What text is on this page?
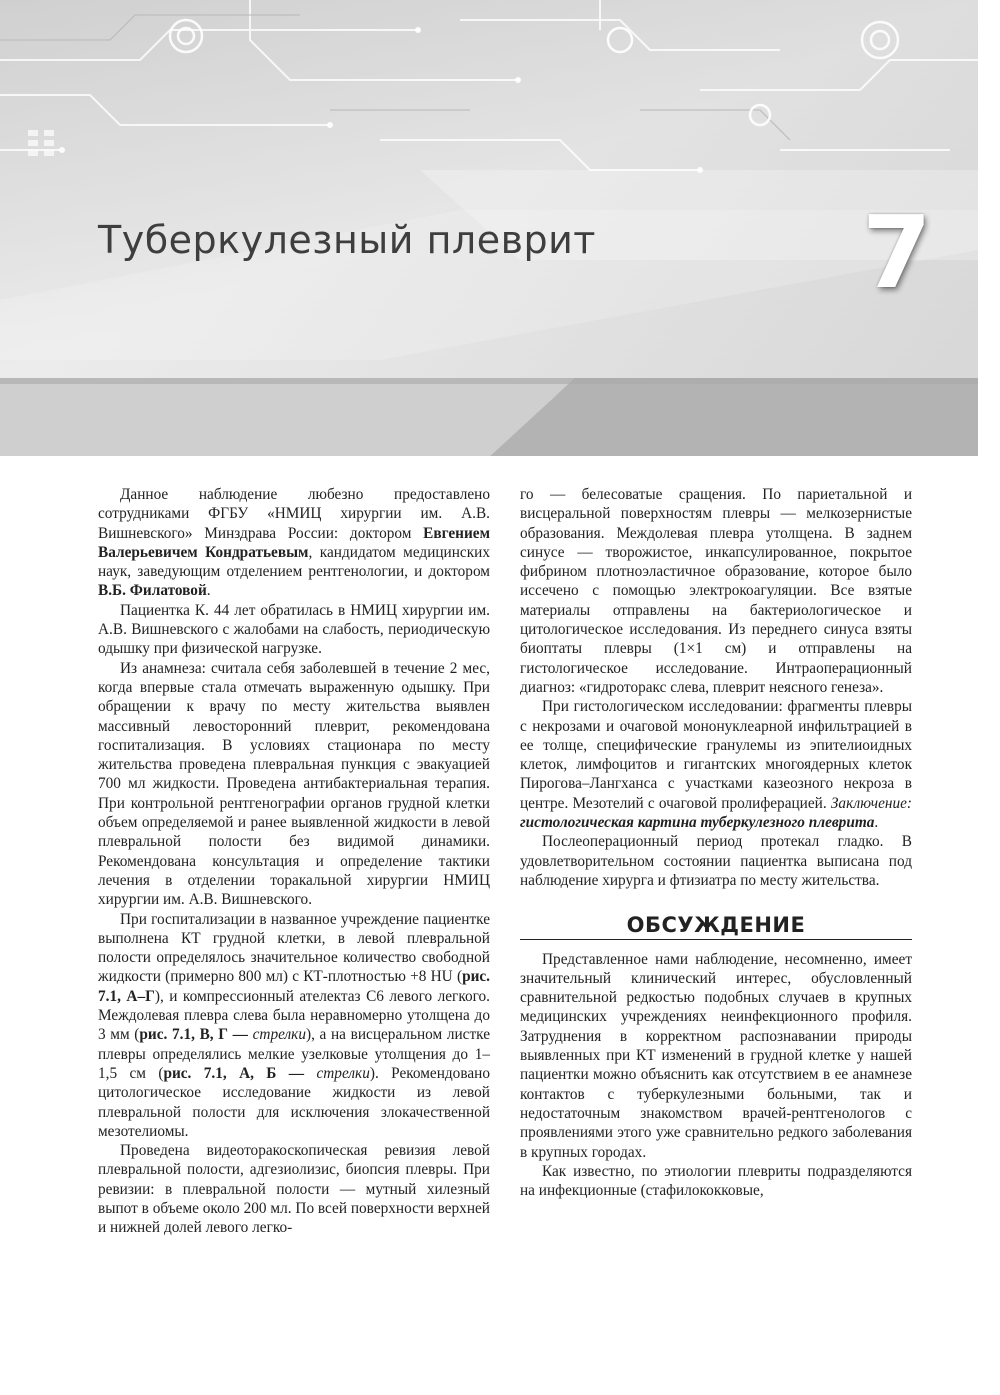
Туберкулезный плеврит	7

Данное наблюдение любезно предоставлено сотрудниками ФГБУ «НМИЦ хирургии им. А.В. Вишневского» Минздрава России: доктором Евгением Валерьевичем Кондратьевым, кандидатом медицинских наук, заведующим отделением рентгенологии, и доктором В.Б. Филатовой.

Пациентка К. 44 лет обратилась в НМИЦ хирургии им. А.В. Вишневского с жалобами на слабость, периодическую одышку при физической нагрузке.

Из анамнеза: считала себя заболевшей в течение 2 мес, когда впервые стала отмечать выраженную одышку. При обращении к врачу по месту жительства выявлен массивный левосторонний плеврит, рекомендована госпитализация. В условиях стационара по месту жительства проведена плевральная пункция с эвакуацией 700 мл жидкости. Проведена антибактериальная терапия. При контрольной рентгенографии органов грудной клетки объем определяемой и ранее выявленной жидкости в левой плевральной полости без видимой динамики. Рекомендована консультация и определение тактики лечения в отделении торакальной хирургии НМИЦ хирургии им. А.В. Вишневского.

При госпитализации в названное учреждение пациентке выполнена КТ грудной клетки, в левой плевральной полости определялось значительное количество свободной жидкости (примерно 800 мл) с КТ-плотностью +8 HU (рис. 7.1, А–Г), и компрессионный ателектаз С6 левого легкого. Междолевая плевра слева была неравномерно утолщена до 3 мм (рис. 7.1, В, Г — стрелки), а на висцеральном листке плевры определялись мелкие узелковые утолщения до 1–1,5 см (рис. 7.1, А, Б — стрелки). Рекомендовано цитологическое исследование жидкости из левой плевральной полости для исключения злокачественной мезотелиомы.

Проведена видеоторакоскопическая ревизия левой плевральной полости, адгезиолизис, биопсия плевры. При ревизии: в плевральной полости — мутный хилезный выпот в объеме около 200 мл. По всей поверхности верхней и нижней долей левого легко-

го — белесоватые сращения. По париетальной и висцеральной поверхностям плевры — мелкозернистые образования. Междолевая плевра утолщена. В заднем синусе — творожистое, инкапсулированное, покрытое фибрином плотноэластичное образование, которое было иссечено с помощью электрокоагуляции. Все взятые материалы отправлены на бактериологическое и цитологическое исследования. Из переднего синуса взяты биоптаты плевры (1×1 см) и отправлены на гистологическое исследование. Интраоперационный диагноз: «гидроторакс слева, плеврит неясного генеза».

При гистологическом исследовании: фрагменты плевры с некрозами и очаговой мононуклеарной инфильтрацией в ее толще, специфические гранулемы из эпителиоидных клеток, лимфоцитов и гигантских многоядерных клеток Пирогова–Лангханса с участками казеозного некроза в центре. Мезотелий с очаговой пролиферацией. Заключение: гистологическая картина туберкулезного плеврита.

Послеоперационный период протекал гладко. В удовлетворительном состоянии пациентка выписана под наблюдение хирурга и фтизиатра по месту жительства.

ОБСУЖДЕНИЕ

Представленное нами наблюдение, несомненно, имеет значительный клинический интерес, обусловленный сравнительной редкостью подобных случаев в крупных медицинских учреждениях неинфекционного профиля. Затруднения в корректном распознавании природы выявленных при КТ изменений в грудной клетке у нашей пациентки можно объяснить как отсутствием в ее анамнезе контактов с туберкулезными больными, так и недостаточным знакомством врачей-рентгенологов с проявлениями этого уже сравнительно редкого заболевания в крупных городах.

Как известно, по этиологии плевриты подразделяются на инфекционные (стафилококковые,
